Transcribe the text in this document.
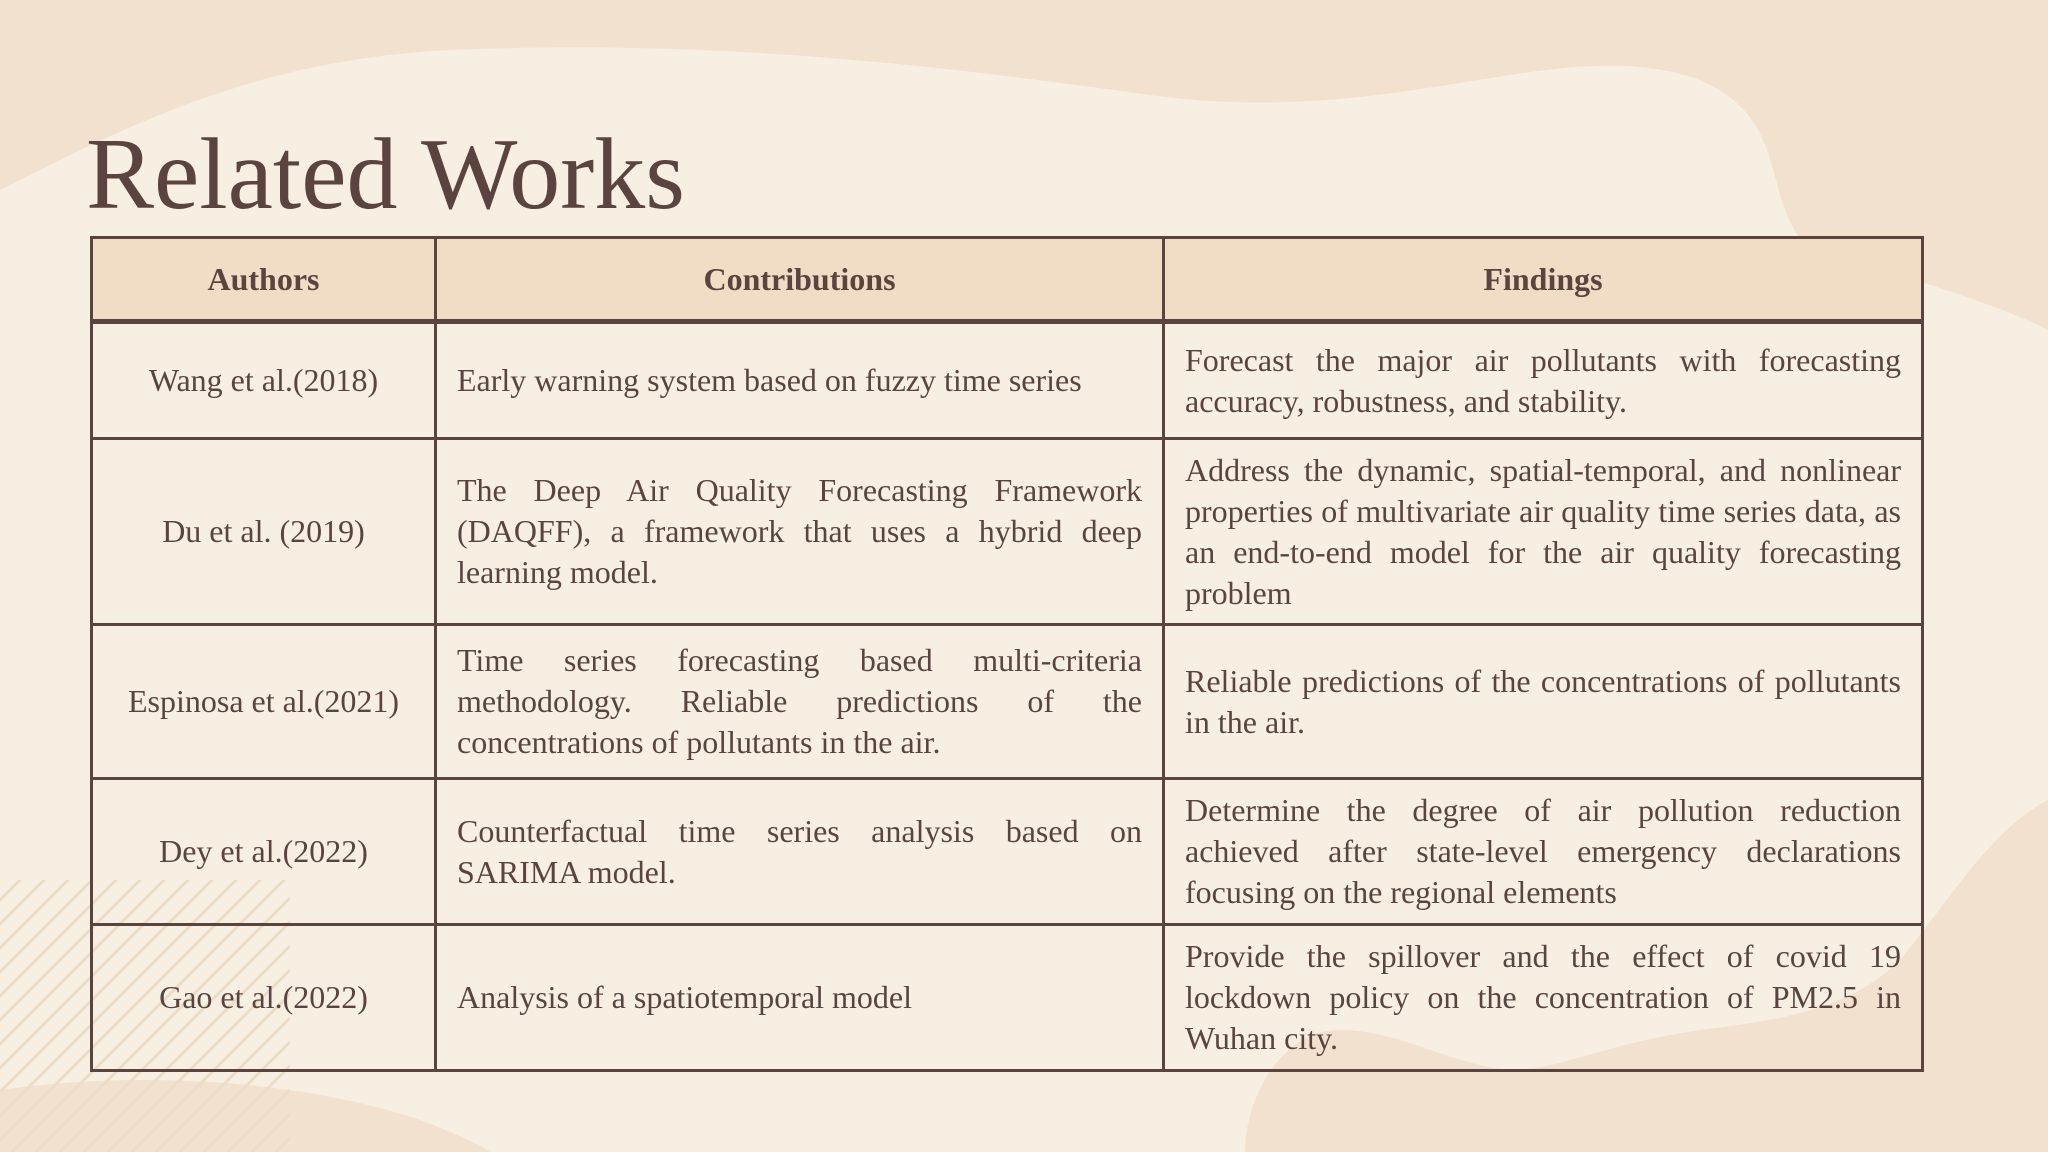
Related Works
Authors	Contributions	Findings
Wang et al.(2018)	Early warning system based on fuzzy time series	Forecast the major air pollutants with forecasting accuracy, robustness, and stability.
Du et al. (2019)	The Deep Air Quality Forecasting Framework (DAQFF), a framework that uses a hybrid deep learning model.	Address the dynamic, spatial-temporal, and nonlinear properties of multivariate air quality time series data, as an end-to-end model for the air quality forecasting problem
Espinosa et al.(2021)	Time series forecasting based multi-criteria methodology. Reliable predictions of the concentrations of pollutants in the air.	Reliable predictions of the concentrations of pollutants in the air.
Dey et al.(2022)	Counterfactual time series analysis based on SARIMA model.	Determine the degree of air pollution reduction achieved after state-level emergency declarations focusing on the regional elements
Gao et al.(2022)	Analysis of a spatiotemporal model	Provide the spillover and the effect of covid 19 lockdown policy on the concentration of PM2.5 in Wuhan city.
